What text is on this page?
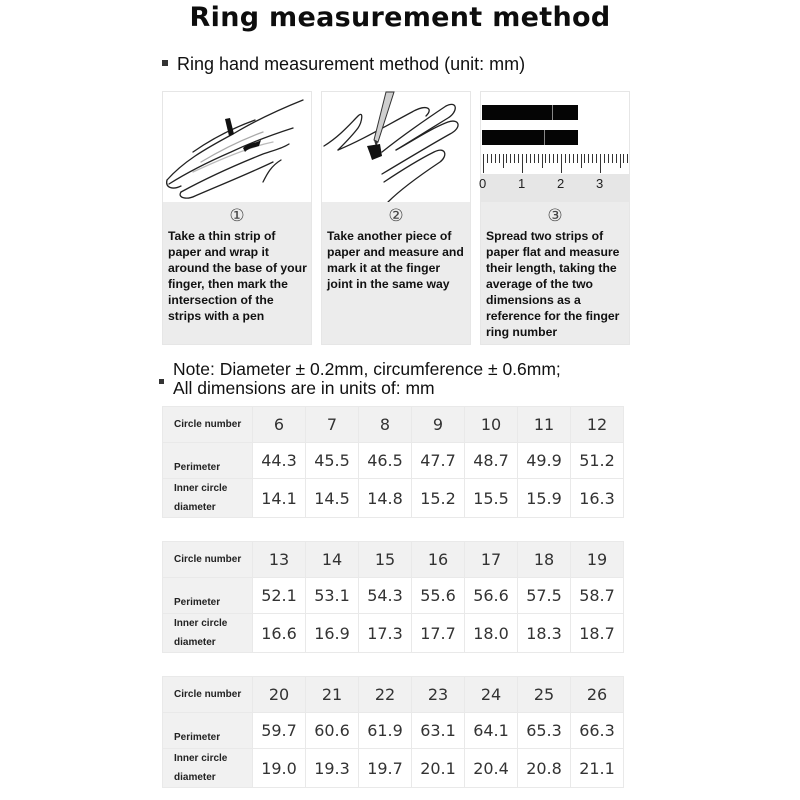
Ring measurement method
Ring hand measurement method (unit: mm)
①
Take a thin strip of paper and wrap it around the base of your finger, then mark the intersection of the strips with a pen
②
Take another piece of paper and measure and mark it at the finger joint in the same way
0 1 2 3
③
Spread two strips of paper flat and measure their length, taking the average of the two dimensions as a reference for the finger ring number
Note: Diameter ± 0.2mm, circumference ± 0.6mm;
All dimensions are in units of: mm
Circle number	6	7	8	9	10	11	12
Perimeter	44.3	45.5	46.5	47.7	48.7	49.9	51.2
Inner circle
diameter	14.1	14.5	14.8	15.2	15.5	15.9	16.3
Circle number	13	14	15	16	17	18	19
Perimeter	52.1	53.1	54.3	55.6	56.6	57.5	58.7
Inner circle
diameter	16.6	16.9	17.3	17.7	18.0	18.3	18.7
Circle number	20	21	22	23	24	25	26
Perimeter	59.7	60.6	61.9	63.1	64.1	65.3	66.3
Inner circle
diameter	19.0	19.3	19.7	20.1	20.4	20.8	21.1
